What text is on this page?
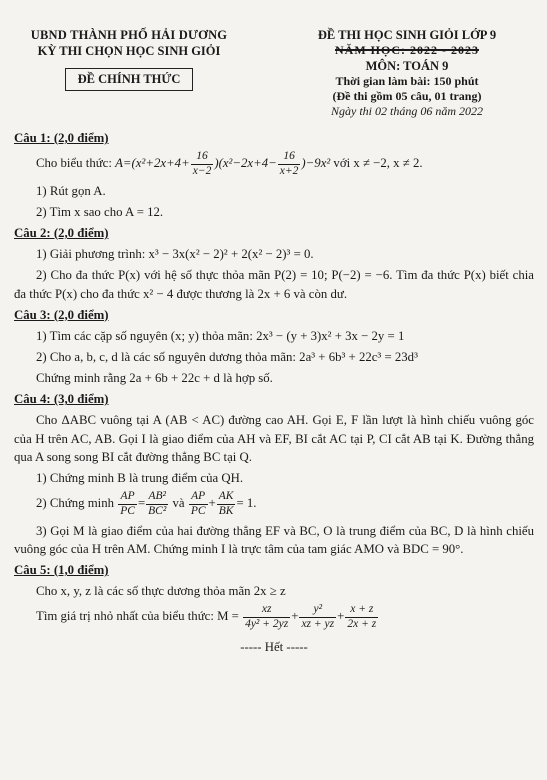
UBND THÀNH PHỐ HẢI DƯƠNG
KỲ THI CHỌN HỌC SINH GIỎI
ĐỀ CHÍNH THỨC
ĐỀ THI HỌC SINH GIỎI LỚP 9
NĂM HỌC: 2022 - 2023
MÔN: TOÁN 9
Thời gian làm bài: 150 phút
(Đề thi gồm 05 câu, 01 trang)
Ngày thi 02 tháng 06 năm 2022
Câu 1: (2,0 điểm)
Cho biểu thức: $A=(x^2+2x+4+ \frac{16}{x-2} )(x^2-2x+4- \frac{16}{x+2} )-9x^2$ với x ≠ −2, x ≠ 2.
1) Rút gọn A.
2) Tìm x sao cho A = 12.
Câu 2: (2,0 điểm)
1) Giải phương trình: x³ − 3x(x² − 2)² + 2(x² − 2)³ = 0.
2) Cho đa thức P(x) với hệ số thực thỏa mãn P(2) = 10; P(−2) = −6. Tìm đa thức P(x) biết chia đa thức P(x) cho đa thức x² − 4 được thương là 2x + 6 và còn dư.
Câu 3: (2,0 điểm)
1) Tìm các cặp số nguyên (x; y) thỏa mãn: 2x³ − (y + 3)x² + 3x − 2y = 1
2) Cho a, b, c, d là các số nguyên dương thỏa mãn: 2a³ + 6b³ + 22c³ = 23d³
Chứng minh rằng 2a + 6b + 22c + d là hợp số.
Câu 4: (3,0 điểm)
Cho ΔABC vuông tại A (AB < AC) đường cao AH. Gọi E, F lần lượt là hình chiếu vuông góc của H trên AC, AB. Gọi I là giao điểm của AH và EF, BI cắt AC tại P, CI cắt AB tại K. Đường thẳng qua A song song BI cắt đường thẳng BC tại Q.
1) Chứng minh B là trung điểm của QH.
2) Chứng minh $\frac{AP}{PC} = \frac{\text{AB²}}{\text{BC²}}$ và $\frac{AP}{PC} + \frac{AK}{BK} = 1$.
3) Gọi M là giao điểm của hai đường thẳng EF và BC, O là trung điểm của BC, D là hình chiếu vuông góc của H trên AM. Chứng minh I là trực tâm của tam giác AMO và BDC = 90°.
Câu 5: (1,0 điểm)
Cho x, y, z là các số thực dương thỏa mãn 2x ≥ z
Tìm giá trị nhỏ nhất của biểu thức: $M = \frac{xz}{\text{4y² + 2yz}} + \frac{\text{y²}}{xz + yz} + \frac{x + z}{2x + z}$
----- Hết -----
